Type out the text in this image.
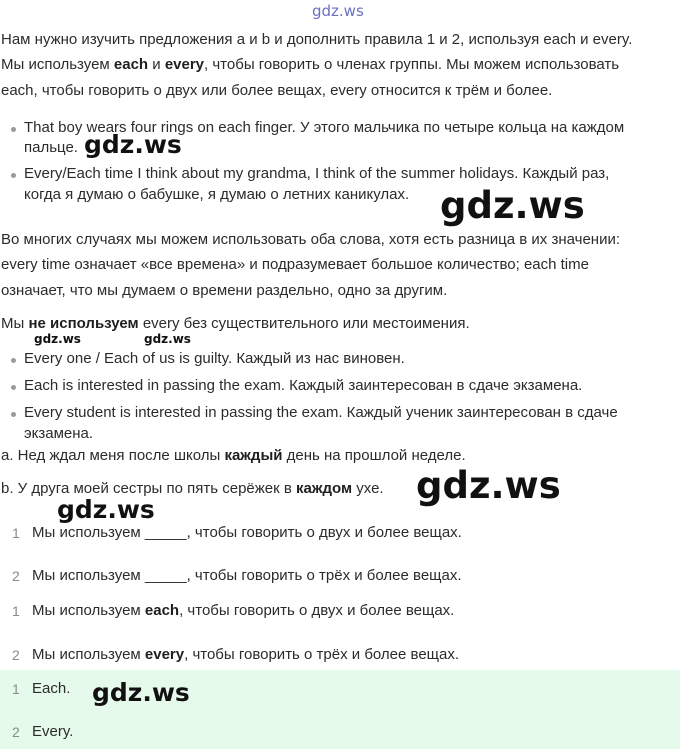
gdz.ws
Нам нужно изучить предложения a и b и дополнить правила 1 и 2, используя each и every.
Мы используем each и every, чтобы говорить о членах группы. Мы можем использовать
each, чтобы говорить о двух или более вещах, every относится к трём и более.
That boy wears four rings on each finger. У этого мальчика по четыре кольца на каждом
пальце.
Every/Each time I think about my grandma, I think of the summer holidays. Каждый раз,
когда я думаю о бабушке, я думаю о летних каникулах.
Во многих случаях мы можем использовать оба слова, хотя есть разница в их значении:
every time означает «все времена» и подразумевает большое количество; each time
означает, что мы думаем о времени раздельно, одно за другим.
Мы не используем every без существительного или местоимения.
Every one / Each of us is guilty. Каждый из нас виновен.
Each is interested in passing the exam. Каждый заинтересован в сдаче экзамена.
Every student is interested in passing the exam. Каждый ученик заинтересован в сдаче
экзамена.
a. Нед ждал меня после школы каждый день на прошлой неделе.
b. У друга моей сестры по пять серёжек в каждом ухе.
1 Мы используем _____, чтобы говорить о двух и более вещах.
2 Мы используем _____, чтобы говорить о трёх и более вещах.
1 Мы используем each, чтобы говорить о двух и более вещах.
2 Мы используем every, чтобы говорить о трёх и более вещах.
1 Each.
2 Every.
gdz.ws
gdz.ws
gdz.ws	gdz.ws
gdz.ws
gdz.ws
gdz.ws
